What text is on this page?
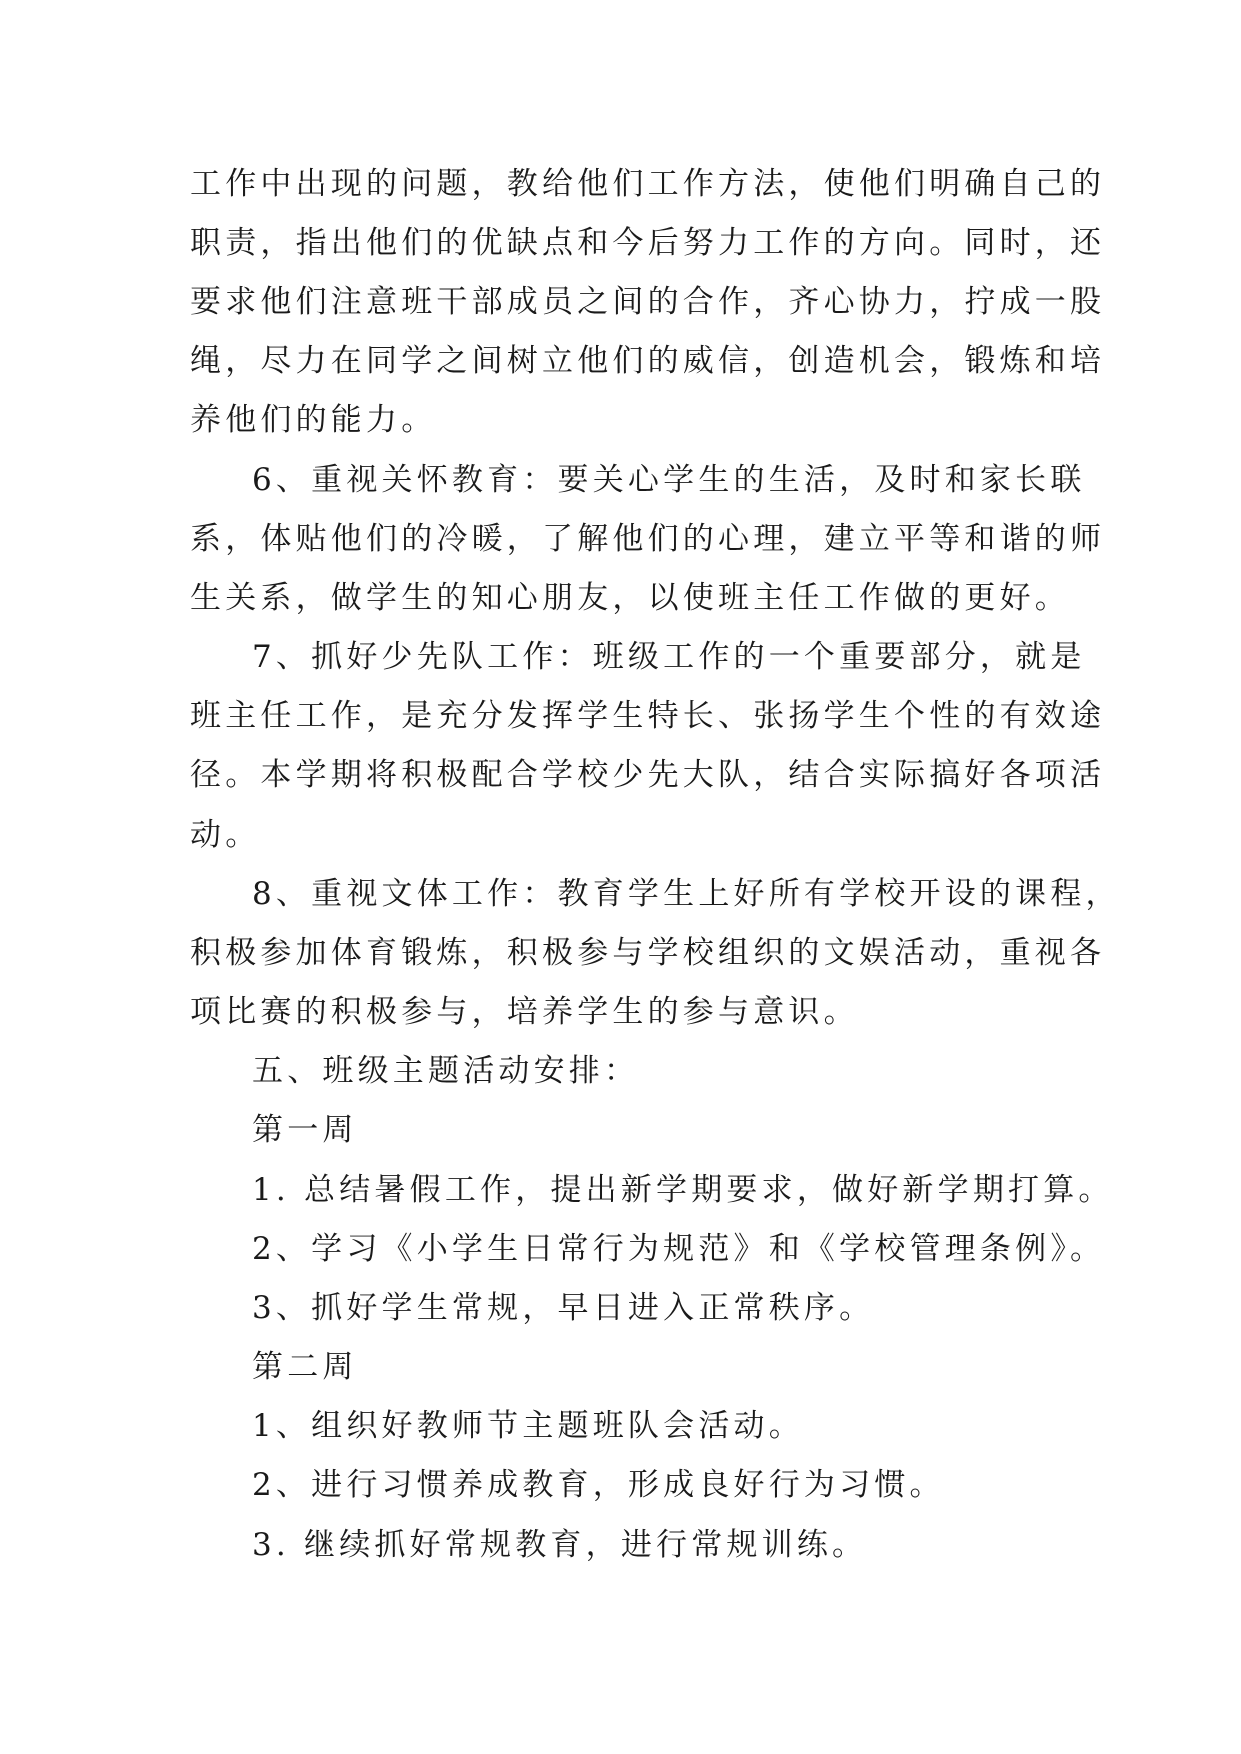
工作中出现的问题，教给他们工作方法，使他们明确自己的
职责，指出他们的优缺点和今后努力工作的方向。同时，还
要求他们注意班干部成员之间的合作，齐心协力，拧成一股
绳，尽力在同学之间树立他们的威信，创造机会，锻炼和培
养他们的能力。
6、重视关怀教育：要关心学生的生活，及时和家长联
系，体贴他们的冷暖，了解他们的心理，建立平等和谐的师
生关系，做学生的知心朋友，以使班主任工作做的更好。
7、抓好少先队工作：班级工作的一个重要部分，就是
班主任工作，是充分发挥学生特长、张扬学生个性的有效途
径。本学期将积极配合学校少先大队，结合实际搞好各项活
动。
8、重视文体工作：教育学生上好所有学校开设的课程，
积极参加体育锻炼，积极参与学校组织的文娱活动，重视各
项比赛的积极参与，培养学生的参与意识。
五、班级主题活动安排：
第一周
1. 总结暑假工作，提出新学期要求，做好新学期打算。
2、学习《小学生日常行为规范》和《学校管理条例》。
3、抓好学生常规，早日进入正常秩序。
第二周
1、组织好教师节主题班队会活动。
2、进行习惯养成教育，形成良好行为习惯。
3. 继续抓好常规教育，进行常规训练。
